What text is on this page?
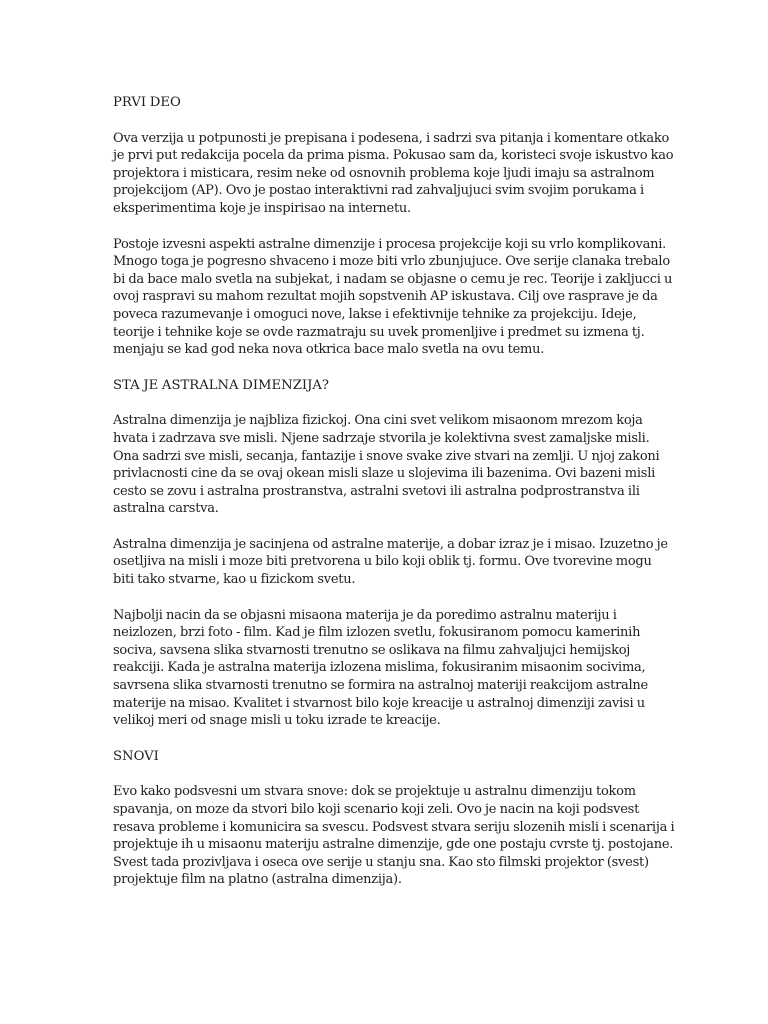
PRVI DEO

Ova verzija u potpunosti je prepisana i podesena, i sadrzi sva pitanja i komentare otkako
je prvi put redakcija pocela da prima pisma. Pokusao sam da, koristeci svoje iskustvo kao
projektora i misticara, resim neke od osnovnih problema koje ljudi imaju sa astralnom
projekcijom (AP). Ovo je postao interaktivni rad zahvaljujuci svim svojim porukama i
eksperimentima koje je inspirisao na internetu.

Postoje izvesni aspekti astralne dimenzije i procesa projekcije koji su vrlo komplikovani.
Mnogo toga je pogresno shvaceno i moze biti vrlo zbunjujuce. Ove serije clanaka trebalo
bi da bace malo svetla na subjekat, i nadam se objasne o cemu je rec. Teorije i zakljucci u
ovoj raspravi su mahom rezultat mojih sopstvenih AP iskustava. Cilj ove rasprave je da
poveca razumevanje i omoguci nove, lakse i efektivnije tehnike za projekciju. Ideje,
teorije i tehnike koje se ovde razmatraju su uvek promenljive i predmet su izmena tj.
menjaju se kad god neka nova otkrica bace malo svetla na ovu temu.

STA JE ASTRALNA DIMENZIJA?

Astralna dimenzija je najbliza fizickoj. Ona cini svet velikom misaonom mrezom koja
hvata i zadrzava sve misli. Njene sadrzaje stvorila je kolektivna svest zamaljske misli.
Ona sadrzi sve misli, secanja, fantazije i snove svake zive stvari na zemlji. U njoj zakoni
privlacnosti cine da se ovaj okean misli slaze u slojevima ili bazenima. Ovi bazeni misli
cesto se zovu i astralna prostranstva, astralni svetovi ili astralna podprostranstva ili
astralna carstva.

Astralna dimenzija je sacinjena od astralne materije, a dobar izraz je i misao. Izuzetno je
osetljiva na misli i moze biti pretvorena u bilo koji oblik tj. formu. Ove tvorevine mogu
biti tako stvarne, kao u fizickom svetu.

Najbolji nacin da se objasni misaona materija je da poredimo astralnu materiju i
neizlozen, brzi foto - film. Kad je film izlozen svetlu, fokusiranom pomocu kamerinih
sociva, savsena slika stvarnosti trenutno se oslikava na filmu zahvaljujci hemijskoj
reakciji. Kada je astralna materija izlozena mislima, fokusiranim misaonim socivima,
savrsena slika stvarnosti trenutno se formira na astralnoj materiji reakcijom astralne
materije na misao. Kvalitet i stvarnost bilo koje kreacije u astralnoj dimenziji zavisi u
velikoj meri od snage misli u toku izrade te kreacije.

SNOVI

Evo kako podsvesni um stvara snove: dok se projektuje u astralnu dimenziju tokom
spavanja, on moze da stvori bilo koji scenario koji zeli. Ovo je nacin na koji podsvest
resava probleme i komunicira sa svescu. Podsvest stvara seriju slozenih misli i scenarija i
projektuje ih u misaonu materiju astralne dimenzije, gde one postaju cvrste tj. postojane.
Svest tada prozivljava i oseca ove serije u stanju sna. Kao sto filmski projektor (svest)
projektuje film na platno (astralna dimenzija).
